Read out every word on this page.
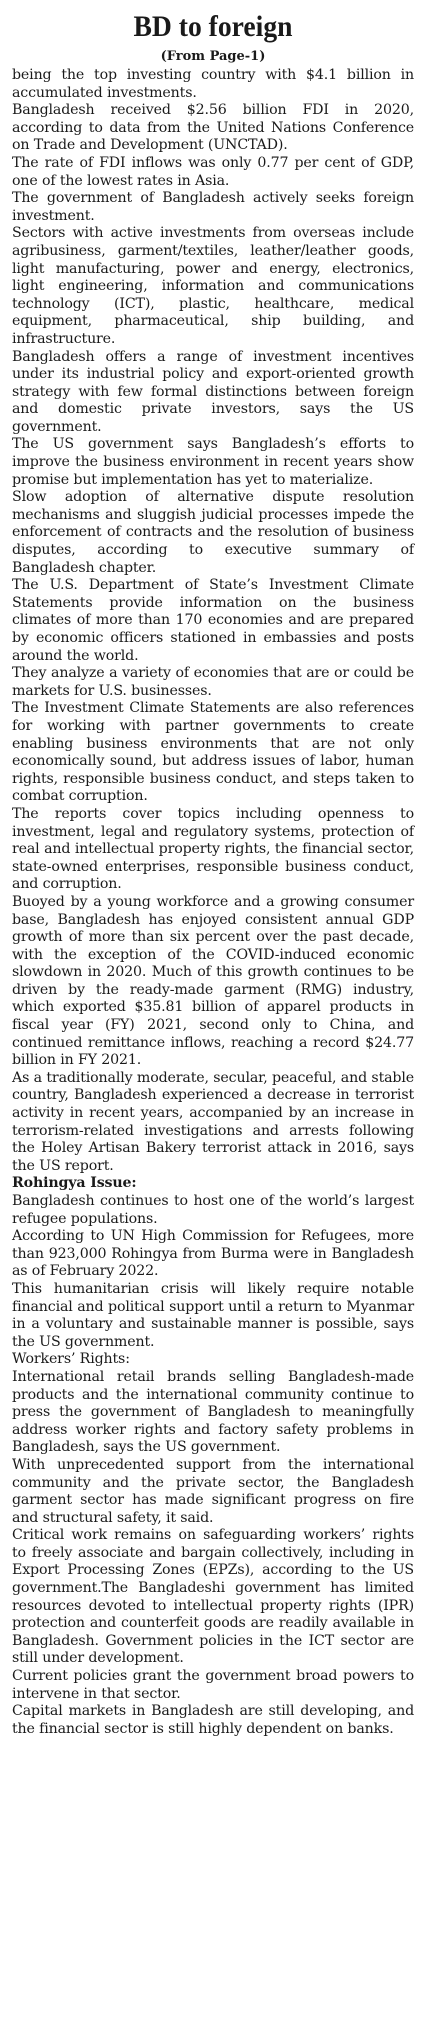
BD to foreign
(From Page-1)

being the top investing country with $4.1 billion in accumulated investments.

Bangladesh received $2.56 billion FDI in 2020, according to data from the United Nations Conference on Trade and Development (UNCTAD).

The rate of FDI inflows was only 0.77 per cent of GDP, one of the lowest rates in Asia.

The government of Bangladesh actively seeks foreign investment.

Sectors with active investments from overseas include agribusiness, garment/textiles, leather/leather goods, light manufacturing, power and energy, electronics, light engineering, information and communications technology (ICT), plastic, healthcare, medical equipment, pharmaceutical, ship building, and infrastructure.

Bangladesh offers a range of investment incentives under its industrial policy and export-oriented growth strategy with few formal distinctions between foreign and domestic private investors, says the US government.

The US government says Bangladesh’s efforts to improve the business environment in recent years show promise but implementation has yet to materialize.

Slow adoption of alternative dispute resolution mechanisms and sluggish judicial processes impede the enforcement of contracts and the resolution of business disputes, according to executive summary of Bangladesh chapter.

The U.S. Department of State’s Investment Climate Statements provide information on the business climates of more than 170 economies and are prepared by economic officers stationed in embassies and posts around the world.

They analyze a variety of economies that are or could be markets for U.S. businesses.

The Investment Climate Statements are also references for working with partner governments to create enabling business environments that are not only economically sound, but address issues of labor, human rights, responsible business conduct, and steps taken to combat corruption.

The reports cover topics including openness to investment, legal and regulatory systems, protection of real and intellectual property rights, the financial sector, state-owned enterprises, responsible business conduct, and corruption.

Buoyed by a young workforce and a growing consumer base, Bangladesh has enjoyed consistent annual GDP growth of more than six percent over the past decade, with the exception of the COVID-induced economic slowdown in 2020. Much of this growth continues to be driven by the ready-made garment (RMG) industry, which exported $35.81 billion of apparel products in fiscal year (FY) 2021, second only to China, and continued remittance inflows, reaching a record $24.77 billion in FY 2021.

As a traditionally moderate, secular, peaceful, and stable country, Bangladesh experienced a decrease in terrorist activity in recent years, accompanied by an increase in terrorism-related investigations and arrests following the Holey Artisan Bakery terrorist attack in 2016, says the US report.

Rohingya Issue:

Bangladesh continues to host one of the world’s largest refugee populations.

According to UN High Commission for Refugees, more than 923,000 Rohingya from Burma were in Bangladesh as of February 2022.

This humanitarian crisis will likely require notable financial and political support until a return to Myanmar in a voluntary and sustainable manner is possible, says the US government.

Workers’ Rights:

International retail brands selling Bangladesh-made products and the international community continue to press the government of Bangladesh to meaningfully address worker rights and factory safety problems in Bangladesh, says the US government.

With unprecedented support from the international community and the private sector, the Bangladesh garment sector has made significant progress on fire and structural safety, it said.

Critical work remains on safeguarding workers’ rights to freely associate and bargain collectively, including in Export Processing Zones (EPZs), according to the US government.The Bangladeshi government has limited resources devoted to intellectual property rights (IPR) protection and counterfeit goods are readily available in Bangladesh. Government policies in the ICT sector are still under development.

Current policies grant the government broad powers to intervene in that sector.

Capital markets in Bangladesh are still developing, and the financial sector is still highly dependent on banks.
